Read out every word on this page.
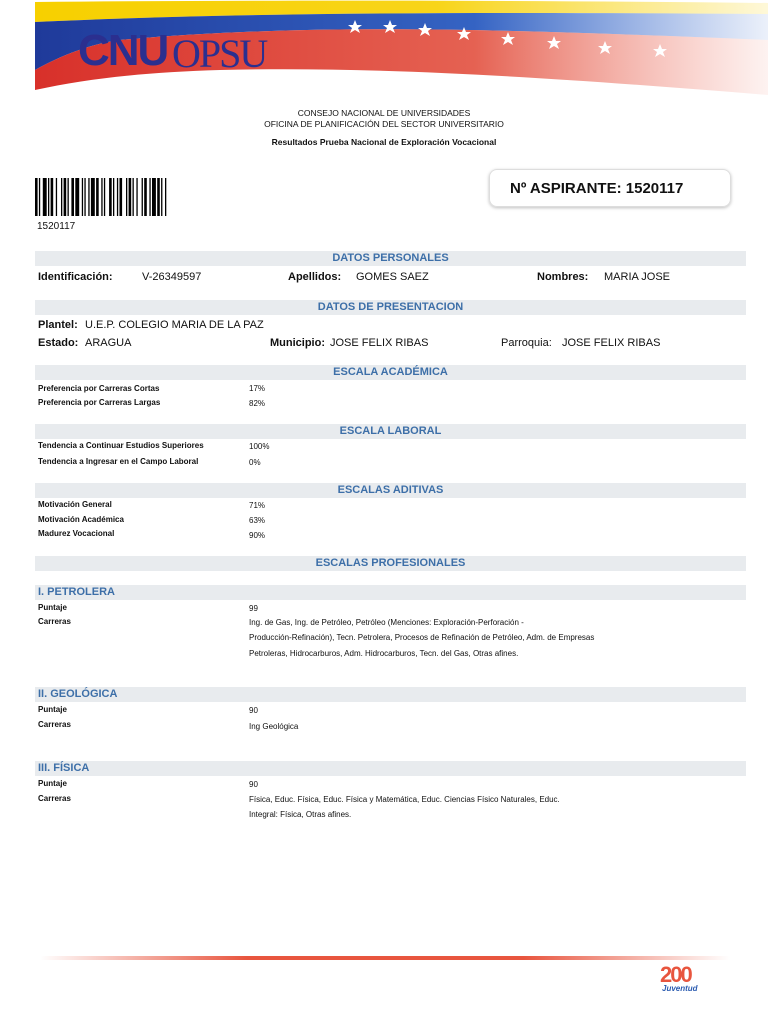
CNU OPSU
CONSEJO NACIONAL DE UNIVERSIDADES
OFICINA DE PLANIFICACIÓN DEL SECTOR UNIVERSITARIO
Resultados Prueba Nacional de Exploración Vocacional
1520117
Nº ASPIRANTE: 1520117
DATOS PERSONALES
Identificación:	V-26349597	Apellidos: GOMES SAEZ	Nombres: MARIA JOSE
DATOS DE PRESENTACION
Plantel: U.E.P. COLEGIO MARIA DE LA PAZ
Estado: ARAGUA	Municipio: JOSE FELIX RIBAS	Parroquia: JOSE FELIX RIBAS
ESCALA ACADÉMICA
Preferencia por Carreras Cortas	17%
Preferencia por Carreras Largas	82%
ESCALA LABORAL
Tendencia a Continuar Estudios Superiores	100%
Tendencia a Ingresar en el Campo Laboral	0%
ESCALAS ADITIVAS
Motivación General	71%
Motivación Académica	63%
Madurez Vocacional	90%
ESCALAS PROFESIONALES
I. PETROLERA
Puntaje	99
Carreras	Ing. de Gas, Ing. de Petróleo, Petróleo (Menciones: Exploración-Perforación -
Producción-Refinación), Tecn. Petrolera, Procesos de Refinación de Petróleo, Adm. de Empresas
Petroleras, Hidrocarburos, Adm. Hidrocarburos, Tecn. del Gas, Otras afines.
II. GEOLÓGICA
Puntaje	90
Carreras	Ing Geológica
III. FÍSICA
Puntaje	90
Carreras	Física, Educ. Física, Educ. Física y Matemática, Educ. Ciencias Físico Naturales, Educ.
Integral: Física, Otras afines.
200
Juventud
